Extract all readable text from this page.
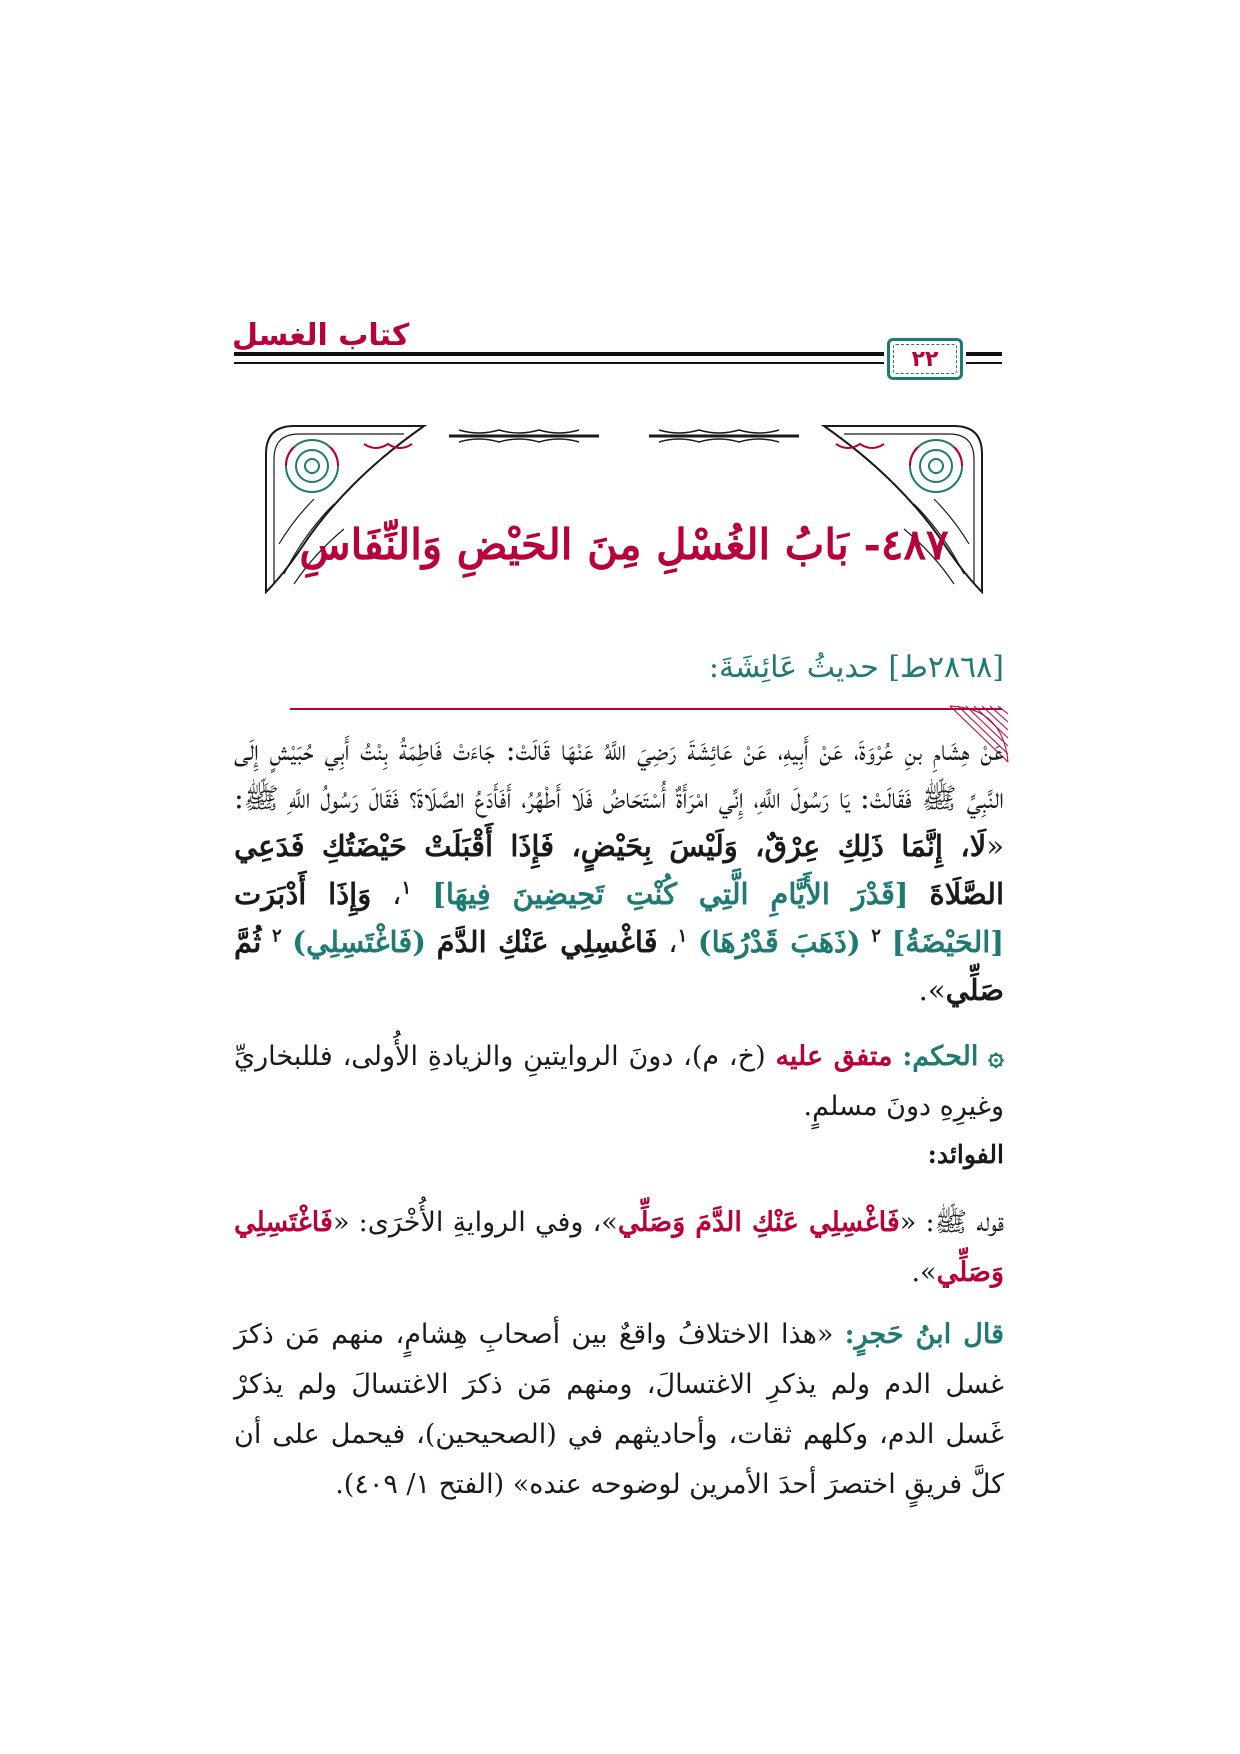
كتاب الغسل
٢٢
٤٨٧- بَابُ الغُسْلِ مِنَ الحَيْضِ وَالنِّفَاسِ
[٢٨٦٨ط] حديثُ عَائِشَةَ:
عَنْ هِشَامِ بنِ عُرْوَةَ، عَنْ أَبِيهِ، عَنْ عَائِشَةَ رَضِيَ اللَّهُ عَنْهَا قَالَتْ: جَاءَتْ فَاطِمَةُ بِنْتُ أَبِي حُبَيْشٍ إِلَى النَّبِيِّ ﷺ فَقَالَتْ: يَا رَسُولَ اللَّهِ، إِنِّي امْرَأَةٌ أُسْتَحَاضُ فَلَا أَطْهُرُ، أَفَأَدَعُ الصَّلَاةَ؟ فَقَالَ رَسُولُ اللَّهِ ﷺ: «لَا، إِنَّمَا ذَلِكِ عِرْقٌ، وَلَيْسَ بِحَيْضٍ، فَإِذَا أَقْبَلَتْ حَيْضَتُكِ فَدَعِي الصَّلَاةَ [قَدْرَ الأَيَّامِ الَّتِي كُنْتِ تَحِيضِينَ فِيهَا] $^١$، وَإِذَا أَدْبَرَت [الحَيْضَةُ] $^٢$ (ذَهَبَ قَدْرُهَا) $^١$، فَاغْسِلِي عَنْكِ الدَّمَ (فَاغْتَسِلِي) $^٢$ ثُمَّ صَلِّي».
۞ الحكم: متفق عليه (خ، م)، دونَ الروايتينِ والزيادةِ الأُولى، فللبخاريِّ وغيرِهِ دونَ مسلمٍ.
الفوائد:
قوله ﷺ: «فَاغْسِلِي عَنْكِ الدَّمَ وَصَلِّي»، وفي الروايةِ الأُخْرَى: «فَاغْتَسِلِي وَصَلِّي».
قال ابنُ حَجرٍ: «هذا الاختلافُ واقعٌ بين أصحابِ هِشامٍ، منهم مَن ذكرَ غسل الدم ولم يذكرِ الاغتسالَ، ومنهم مَن ذكرَ الاغتسالَ ولم يذكرْ غَسل الدم، وكلهم ثقات، وأحاديثهم في (الصحيحين)، فيحمل على أن كلَّ فريقٍ اختصرَ أحدَ الأمرين لوضوحه عنده» (الفتح ١/ ٤٠٩).
